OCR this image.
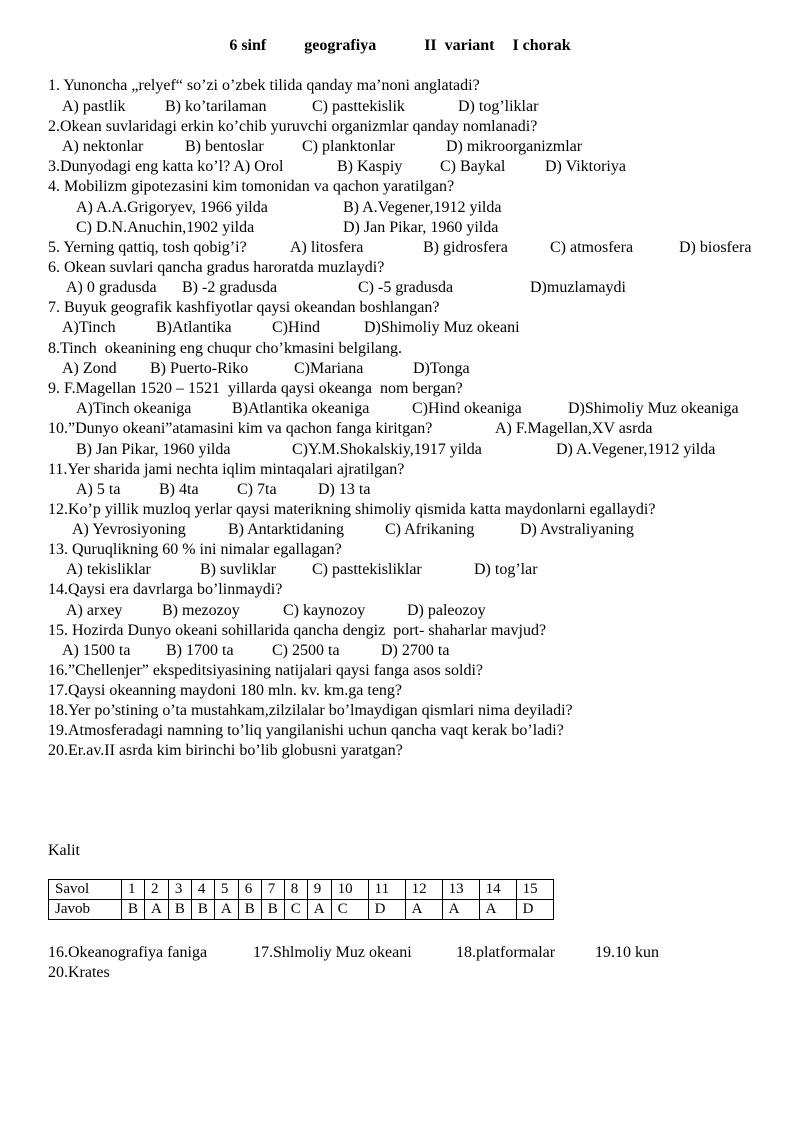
6 sinf geografiya	II  variant I chorak
1. Yunoncha „relyef“ so’zi o’zbek tilida qanday ma’noni anglatadi?
A) pastlik B) ko’tarilaman	C) pasttekislik	D) tog’liklar
2.Okean suvlaridagi erkin ko’chib yuruvchi organizmlar qanday nomlanadi?
A) nektonlar	B) bentoslar C) planktonlar	D) mikroorganizmlar
3.Dunyodagi eng katta ko’l? A) Orol	B) Kaspiy C) Baykal D) Viktoriya
4. Mobilizm gipotezasini kim tomonidan va qachon yaratilgan?
A) A.A.Grigoryev, 1966 yilda	B) A.Vegener,1912 yilda
C) D.N.Anuchin,1902 yilda	D) Jan Pikar, 1960 yilda
5. Yerning qattiq, tosh qobig’i?	A) litosfera	B) gidrosfera	C) atmosfera	D) biosfera
6. Okean suvlari qancha gradus haroratda muzlaydi?
A) 0 gradusda B) -2 gradusda	C) -5 gradusda	D)muzlamaydi
7. Buyuk geografik kashfiyotlar qaysi okeandan boshlangan?
A)Tinch	B)Atlantika	C)Hind	D)Shimoliy Muz okeani
8.Tinch  okeanining eng chuqur cho’kmasini belgilang.
A) Zond B) Puerto-Riko	C)Mariana	D)Tonga
9. F.Magellan 1520 – 1521  yillarda qaysi okeanga  nom bergan?
A)Tinch okeaniga	B)Atlantika okeaniga	C)Hind okeaniga	D)Shimoliy Muz okeaniga
10.”Dunyo okeani”atamasini kim va qachon fanga kiritgan?	A) F.Magellan,XV asrda
B) Jan Pikar, 1960 yilda	C)Y.M.Shokalskiy,1917 yilda	D) A.Vegener,1912 yilda
11.Yer sharida jami nechta iqlim mintaqalari ajratilgan?
A) 5 ta B) 4ta C) 7ta	D) 13 ta
12.Ko’p yillik muzloq yerlar qaysi materikning shimoliy qismida katta maydonlarni egallaydi?
A) Yevrosiyoning	B) Antarktidaning	C) Afrikaning	D) Avstraliyaning
13. Quruqlikning 60 % ini nimalar egallagan?
A) tekisliklar	B) suvliklar C) pasttekisliklar	D) tog’lar
14.Qaysi era davrlarga bo’linmaydi?
A) arxey B) mezozoy	C) kaynozoy	D) paleozoy
15. Hozirda Dunyo okeani sohillarida qancha dengiz  port- shaharlar mavjud?
A) 1500 ta B) 1700 ta C) 2500 ta	D) 2700 ta
16.”Chellenjer” ekspeditsiyasining natijalari qaysi fanga asos soldi?
17.Qaysi okeanning maydoni 180 mln. kv. km.ga teng?
18.Yer po’stining o’ta mustahkam,zilzilalar bo’lmaydigan qismlari nima deyiladi?
19.Atmosferadagi namning to’liq yangilanishi uchun qancha vaqt kerak bo’ladi?
20.Er.av.II asrda kim birinchi bo’lib globusni yaratgan?
Kalit
Savol	1	2	3	4	5	6	7	8	9	10	11	12	13	14	15
Javob	B	A	B	B	A	B	B	C	A	C	D	A	A	A	D
16.Okeanografiya faniga	17.Shlmoliy Muz okeani	18.platformalar 19.10 kun
20.Krates
